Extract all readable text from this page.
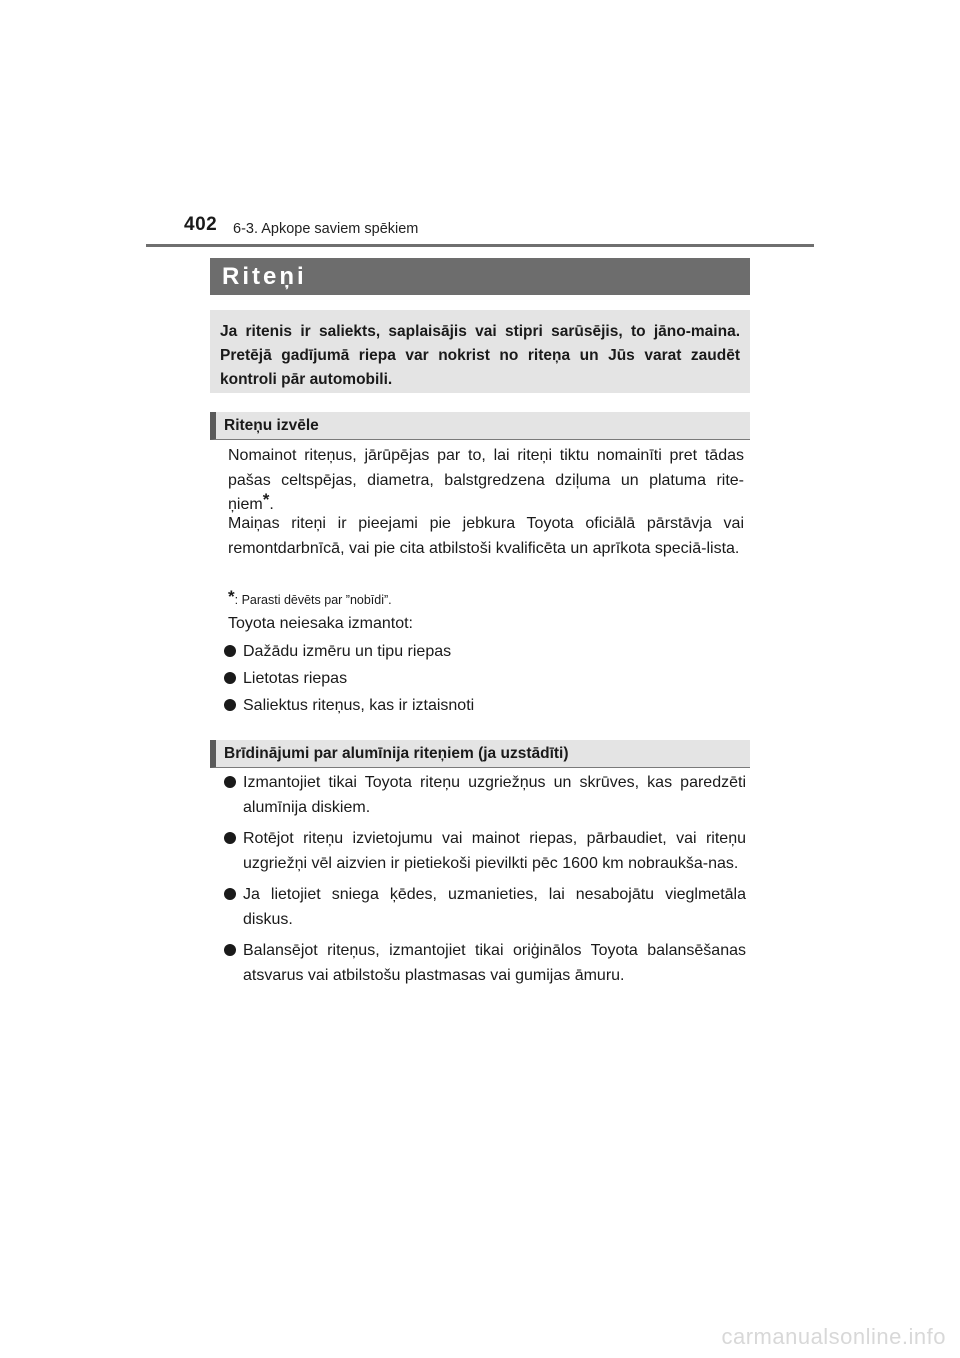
402 6-3. Apkope saviem spēkiem
Riteņi
Ja ritenis ir saliekts, saplaisājis vai stipri sarūsējis, to jāno-maina. Pretējā gadījumā riepa var nokrist no riteņa un Jūs varat zaudēt kontroli pār automobili.
Riteņu izvēle
Nomainot riteņus, jārūpējas par to, lai riteņi tiktu nomainīti pret tādas pašas celtspējas, diametra, balstgredzena dziļuma un platuma rite-ņiem*.
Maiņas riteņi ir pieejami pie jebkura Toyota oficiālā pārstāvja vai remontdarbnīcā, vai pie cita atbilstoši kvalificēta un aprīkota speciā-lista.
*: Parasti dēvēts par ”nobīdi”.
Toyota neiesaka izmantot:
Dažādu izmēru un tipu riepas
Lietotas riepas
Saliektus riteņus, kas ir iztaisnoti
Brīdinājumi par alumīnija riteņiem (ja uzstādīti)
Izmantojiet tikai Toyota riteņu uzgriežņus un skrūves, kas paredzēti alumīnija diskiem.
Rotējot riteņu izvietojumu vai mainot riepas, pārbaudiet, vai riteņu uzgriežņi vēl aizvien ir pietiekoši pievilkti pēc 1600 km nobraukša-nas.
Ja lietojiet sniega ķēdes, uzmanieties, lai nesabojātu vieglmetāla diskus.
Balansējot riteņus, izmantojiet tikai oriģinālos Toyota balansēšanas atsvarus vai atbilstošu plastmasas vai gumijas āmuru.
carmanualsonline.info
